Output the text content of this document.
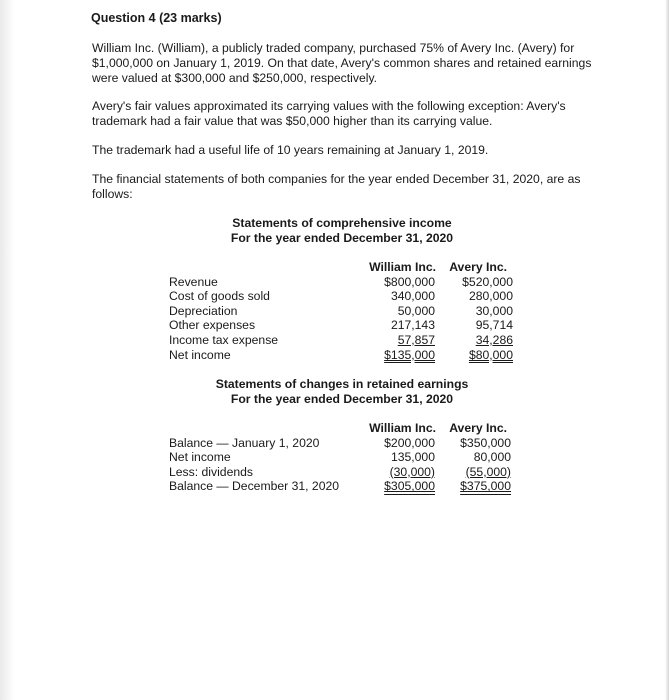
Question 4 (23 marks)
William Inc. (William), a publicly traded company, purchased 75% of Avery Inc. (Avery) for $1,000,000 on January 1, 2019. On that date, Avery's common shares and retained earnings were valued at $300,000 and $250,000, respectively.
Avery's fair values approximated its carrying values with the following exception: Avery's trademark had a fair value that was $50,000 higher than its carrying value.
The trademark had a useful life of 10 years remaining at January 1, 2019.
The financial statements of both companies for the year ended December 31, 2020, are as follows:
Statements of comprehensive income
For the year ended December 31, 2020
William Inc. Avery Inc.
Revenue	$800,000 $520,000
Cost of goods sold	340,000	280,000
Depreciation	50,000	30,000
Other expenses	217,143	95,714
Income tax expense	57,857	34,286
Net income	$135,000	$80,000
Statements of changes in retained earnings
For the year ended December 31, 2020
William Inc. Avery Inc.
Balance — January 1, 2020	$200,000 $350,000
Net income	135,000	80,000
Less: dividends	(30,000)	(55,000)
Balance — December 31, 2020	$305,000 $375,000
